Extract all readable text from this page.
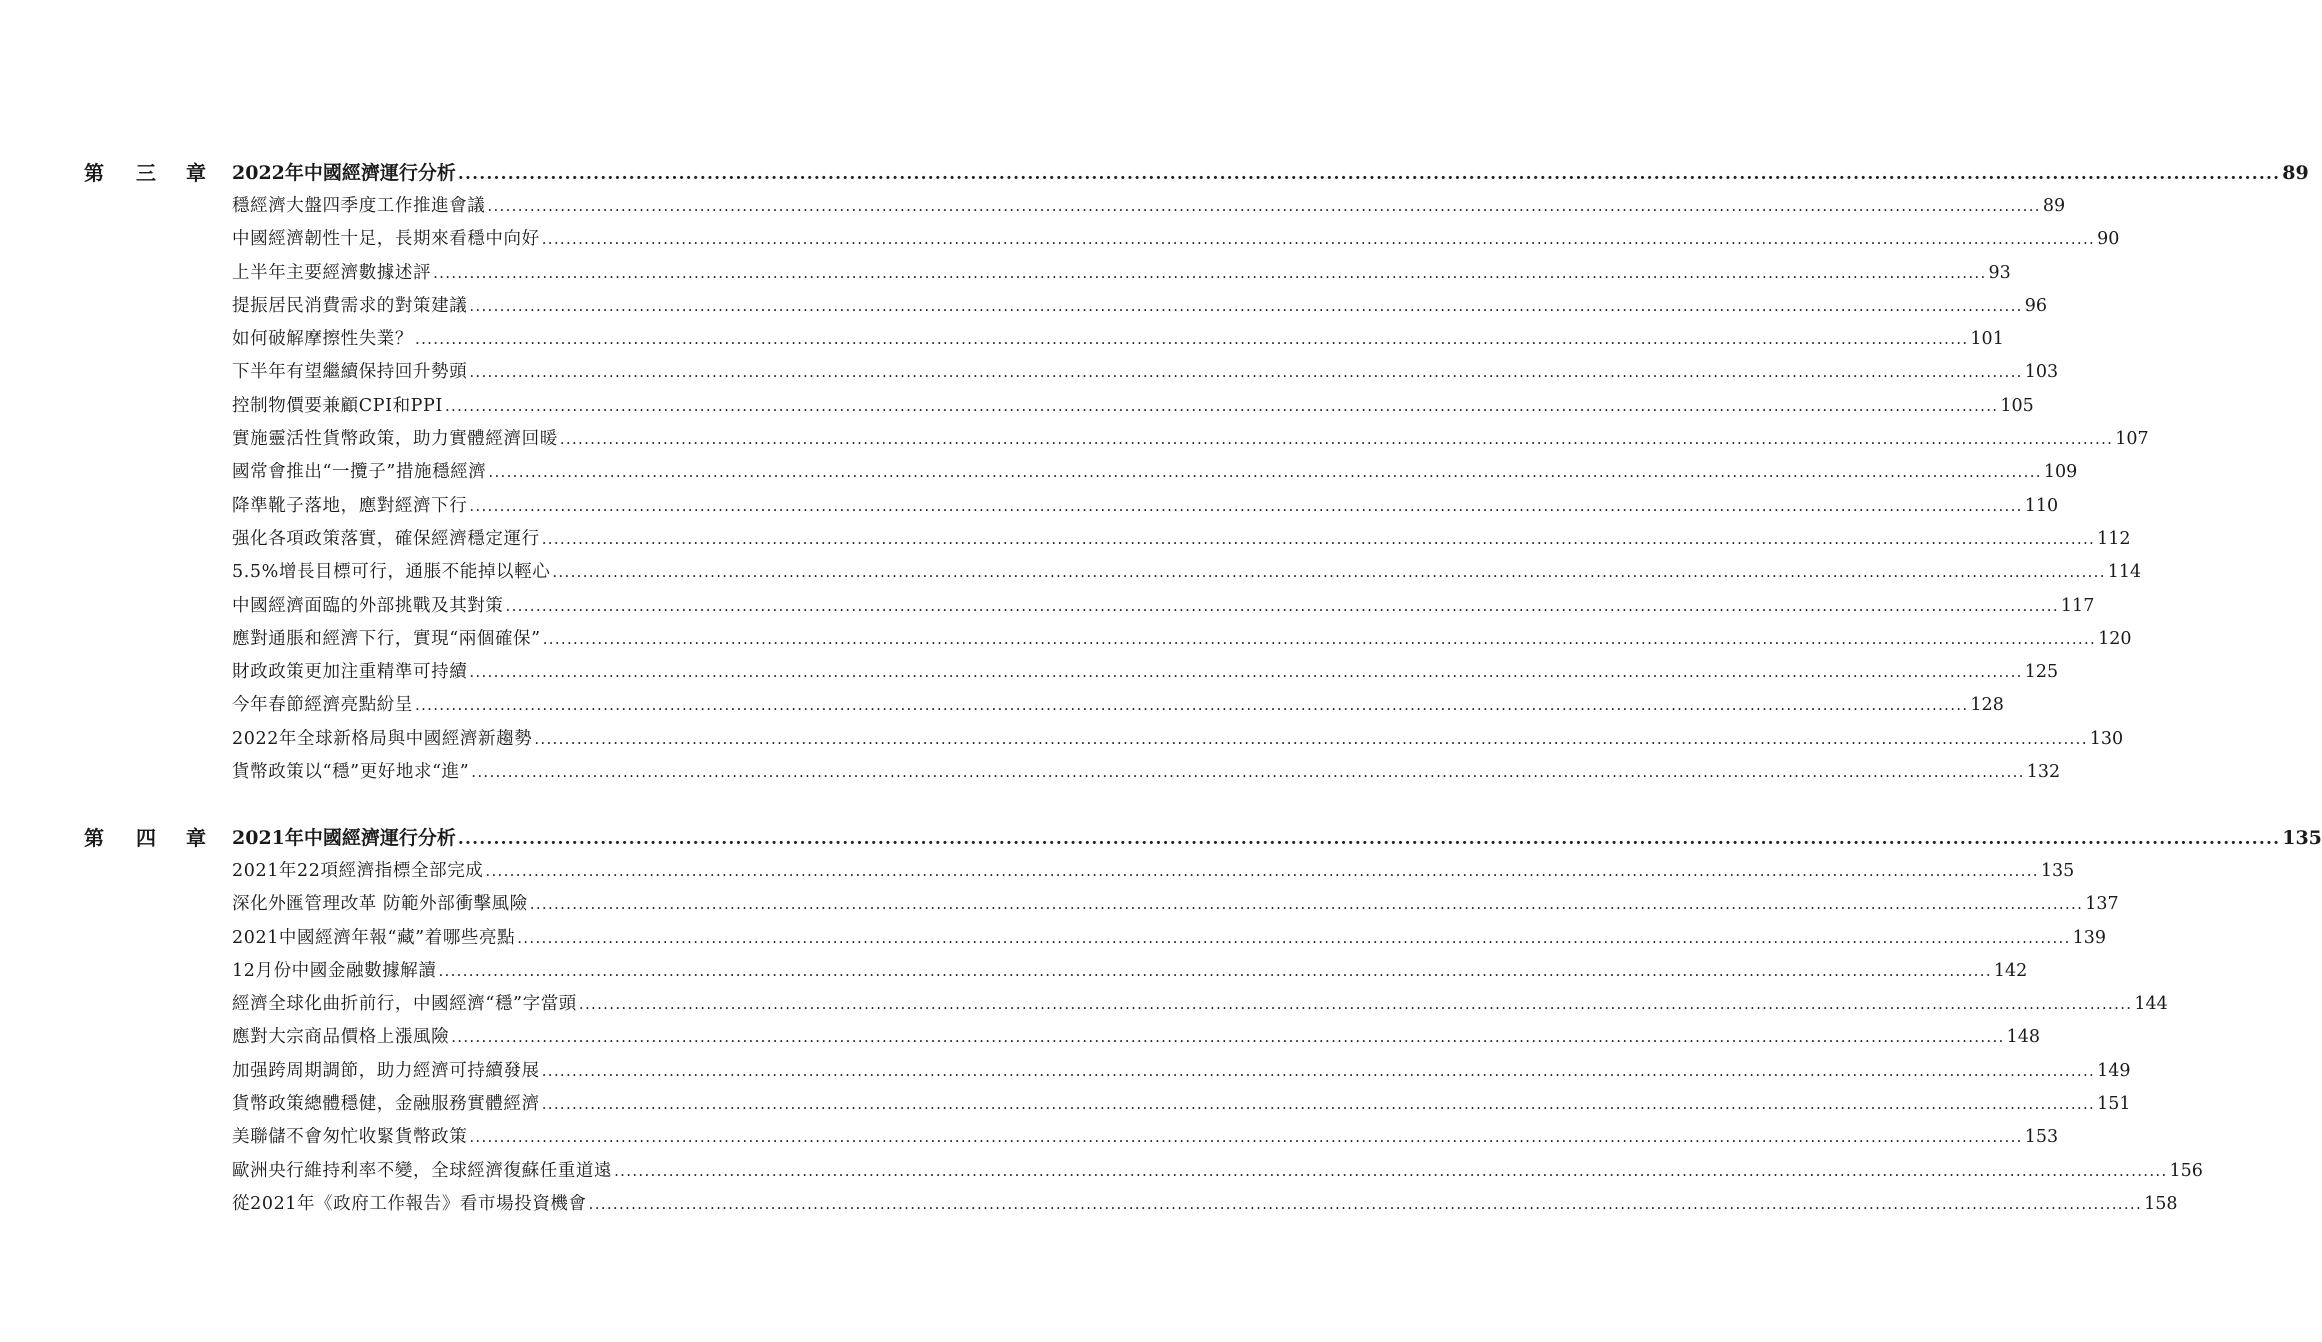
第 三 章 2022年中國經濟運行分析 .....	89
穩經濟大盤四季度工作推進會議 .....	89
中國經濟韌性十足，長期來看穩中向好 .....	90
上半年主要經濟數據述評 .....	93
提振居民消費需求的對策建議 .....	96
如何破解摩擦性失業？ .....	101
下半年有望繼續保持回升勢頭 .....	103
控制物價要兼顧CPI和PPI .....	105
實施靈活性貨幣政策，助力實體經濟回暖 .....	107
國常會推出“一攬子”措施穩經濟 .....	109
降準靴子落地，應對經濟下行 .....	110
强化各項政策落實，確保經濟穩定運行 .....	112
5.5%增長目標可行，通脹不能掉以輕心 .....	114
中國經濟面臨的外部挑戰及其對策 .....	117
應對通脹和經濟下行，實現“兩個確保” .....	120
財政政策更加注重精準可持續 .....	125
今年春節經濟亮點紛呈 .....	128
2022年全球新格局與中國經濟新趨勢 .....	130
貨幣政策以“穩”更好地求“進” .....	132
第 四 章 2021年中國經濟運行分析 .....	135
2021年22項經濟指標全部完成 .....	135
深化外匯管理改革 防範外部衝擊風險 .....	137
2021中國經濟年報“藏”着哪些亮點 .....	139
12月份中國金融數據解讀 .....	142
經濟全球化曲折前行，中國經濟“穩”字當頭 .....	144
應對大宗商品價格上漲風險 .....	148
加强跨周期調節，助力經濟可持續發展 .....	149
貨幣政策總體穩健，金融服務實體經濟 .....	151
美聯儲不會匆忙收緊貨幣政策 .....	153
歐洲央行維持利率不變，全球經濟復蘇任重道遠 .....	156
從2021年《政府工作報告》看市場投資機會 .....	158
